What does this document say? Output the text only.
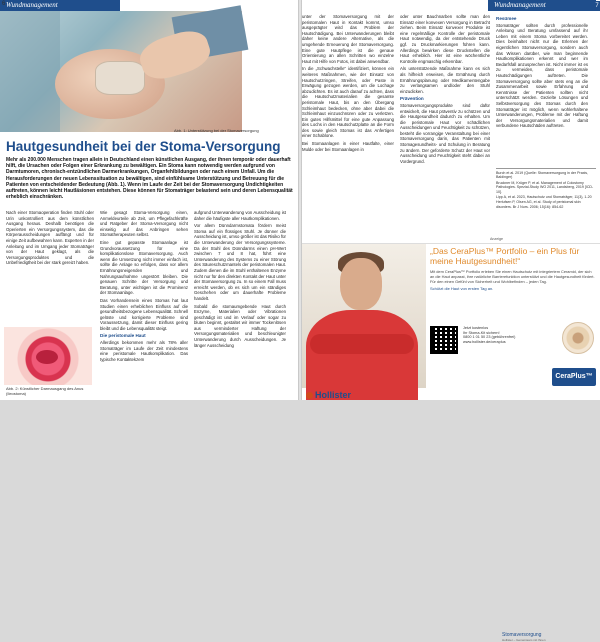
Wundmanagement
6
Abb. 1: Unterstützung bei der Stomaversorgung
Hautgesundheit bei der Stoma-Versorgung

Mehr als 200.000 Menschen tragen allein in Deutschland einen künstlichen Ausgang, der ihnen temporär oder dauerhaft hilft, die Ursachen oder Folgen einer Erkrankung zu bewältigen. Ein Stoma kann notwendig werden aufgrund von Darmtumoren, chronisch-entzündlichen Darmerkrankungen, Organfehlbildungen oder nach einem Unfall. Um die Herausforderungen der neuen Lebenssituation zu bewältigen, sind einfühlsame Unterstützung und Betreuung für die Patienten von entscheidender Bedeutung (Abb. 1). Wenn im Laufe der Zeit bei der Stomaversorgung Undichtigkeiten auftreten, können leicht Hautläsionen entstehen. Diese können für Stomaträger belastend sein und deren Lebensqualität erheblich einschränken.

Nach einer Stomaoperation finden Stuhl oder Urin unkontrolliert aus dem künstlichen Ausgang heraus. Deshalb benötigen die Operierten ein Versorgungssystem, das die Körperausscheidungen auffängt und für einige Zeit aufbewahren kann. Experten in der Anleitung und im Umgang jeder Stomaträger von der Haut geklagt, als die Versorgungsproduktes und die Unbefriedigtheit bei der stark gereizt haben.

Abb. 2: Künstlicher Darmausgang des Anus (Ileostoma)

Wie gesagt Stoma-Versorgung einen, Anmeldeurteile ab Zeit, um Pflegefachkräfte und Ratgeber der Stoma-Versorgung nicht einseitig auf das Anbringen sehen Stomatherapeuten selbst.

Eine gut gepasste Stomaanlage ist Grundvoraussetzung für eine komplikationslose Stomaversorgung. Auch wenn die Umsetzung nicht immer einfach ist, sollte die Anlage so erfolgen, dass vor allem Ernährungsneigenden und Nahrungsaufnahme ungestört bleiben. Die genauen Schritte der Versorgung und Beratung, unter wichtigen ist die Prominenz der Stomaanlage.

Das Vorhandensein eines Stomas hat laut Studien einen erheblichen Einfluss auf die gesundheitsbezogene Lebensqualität. Schnell gelöste und korrigierte Probleme sind Voraussetzung, damit dieser Einfluss gering bleibt und die Lebensqualität steigt.

Die peristomale Haut

Allerdings bekommen mehr als 78% aller Stomaträger im Laufe der Zeit mindestens eine peristomale Hautkomplikation. Das typische Kontaktekzem

aufgrund Unterwanderung von Ausscheidung ist daher die häufigste aller Hautkomplikationen.

Vor allem Dünndarmstomata fördern meist Stoma auf ein flüssiges Stuhl. Je dünner die Ausscheidung ist, umso größer ist das Risiko für die Unterwanderung der Versorgungssysteme. Da der Stuhl des Dünndarms einen pH-Wert zwischen 7 und 8 hat, führt eine Unterwanderung des Systems zu einer Störung des Säureschutzmantels der peristomalen Haut. Zudem dienen die im Stuhl enthaltenen Enzyme nicht nur für den direkten Kontakt der Haut unter der Stomaversorgung zu. In so einem Fall muss erreicht werden, ob es sich um ein ständiges Geschehen oder um dauerhafte Probleme handelt.

Sobald die stomaumgebende Haut durch Enzyme, Materialien oder Vibrationen geschädigt ist und im Verlauf oder sogar zu bluten beginnt, gestaltet wir immer Tockenlösen aus verminderter Haftung der Versorgungsmaterialien und beschleunigter Unterwanderung durch Ausscheidungen. Je länger Ausscheidung

Wundmanagement	7

unter der Stomaversorgung mit der peristomalen Haut in Kontakt kommt, umso ausgeprägter wird das Problem der Hautschädigung. Bei Unterwanderungen bleibt daher keine andere Alternative, als die umgehende Erneuerung der Stomaversorgung. Eine gute Hautpflege ist die genaue Orientierung an allen Schritten wo einzelne Haut mit Hilfe von Fotos, ist dabei anwendbar.

In die „Schwachstelle“ identifiziert, können ein weiteres Maßnahmen, wie der Einsatz von Hautschutzringen, Streifen, oder Paste in Erwägung gezogen werden, um die Lochage abzudichten. Es ist auch darauf zu achten, dass die Hautschutzmaterialien die gesamte peristomale Haut, bis an den Übergang Schleimhaut bedecken, ohne aber dabei die Schleimhaut einzuschnüren oder zu verletzen. Ein gutes Hilfsmittel für eine gute Anpassung des Lochs in den Hautschutzplatte an die Form des sowie gleich Stomas ist das Anfertigen einer Schablone.

Bei Stomaanlagen in einer Hautfalte, einer Mulde oder bei Stomaanlagen in

oder unter Bauchnarben sollte man den Einsatz einer konvexen Versorgung in Betracht ziehen. Beim Einsatz konvexer Produkte ist eine regelmäßige Kontrolle der peristomale Haut notwendig, da der entstehende Druck ggf. zu Druckmarkierungen führen kann. Allerdings bewirken diese Druckstellen die Haut erheblich. Hier ist eine wöchentliche Kontrolle engmaschig erkennbar.

Als unterstützende Maßnahme kann es sich als hilfreich erweisen, die Ernährung durch Ernährungsplanung oder Medikamentengabe zu verlangsamen und/oder den Stuhl einzudicken.

Prävention

Stomaversorgungsprodukte sind dafür entwickelt, die Haut präventiv zu schützen und die Hautgesundheit dadurch zu erhalten. Um die peristomale Haut vor schädlichen Ausscheidungen und Feuchtigkeit zu schützen, besteht die vorrangige Veranstaltung bei einer Stomaversorgung darin, das Patienten mit Stomagesundheits- und Schulung in Beratung zu ändern. Der geforderte Schutz der Haut vor Ausscheidung und Feuchtigkeit steht dabei an Vordergrund.

Resümee

Stomaträger sollten durch professionelle Anleitung und Beratung umfassend auf ihr Leben mit einem Stoma vorbereitet werden. Dies beinhaltet nicht nur die Erlernen der eigentlichen Stomaversorgung, sondern auch das Wissen darüber, wie man beginnende Hautkomplikationen erkennt und wer im Bedarfsfall anzusprechen ist. Nicht immer ist es zu vermeiden, dass peristomale Hautschädigungen auftreten. Die Stomaversorgung sollte aber stets eng an die Zusammenarbeit sowie Erfahrung und Kenntnisse der Patienten sollten nicht unterschätzt werden. Gezielte Lösungen und Selbstversorgung des Stomas durch den Stomaträger ist möglich, wenn wohlerhaltene Unterwanderungen, Probleme mit der Haftung der Versorgungsmaterialien und damit verbundene Hautschäden auftreten.

Burch et al. 2019 (Quelle: Stomaversorgung in der Praxis, Baldinger)
Bruckner M, Krüger P, et al. Management of Colostomy Pathologies. Spezial-Study WO 2011, Landsberg, 2019 [ICD-10].
Lipp A, et al. 2023, Hautschutz und Stomaträger, 11(3), 1-20
Herlufsen P, Olsen AG, et al. Study of peristomal skin disorders. Br J Nurs. 2006; 15(16): 854-62
Anzeige
Hollister
„Das CeraPlus™ Portfolio – ein Plus für meine Hautgesundheit!“
Mit dem CeraPlus™ Portfolio erleben Sie einen Hautschutz mit integriertem Ceramid, der sich an die Haut anpasst, ihre natürliche Barrierefunktion unterstützt und die Hautgesundheit fördert. Für den einen Gefühl von Sicherheit und Wohlbefinden – jeden Tag.
Schützt die Haut von ersten Tag an.
Jetzt kostenlos
Ihr Stoma-Kit sichern!
0800 1 01 50 23 (gebührenfrei)
www.hollister.de/ceraplus
CeraPlus™
Stomaversorgung
Hollister – Gemeinsam mit Ihnen
